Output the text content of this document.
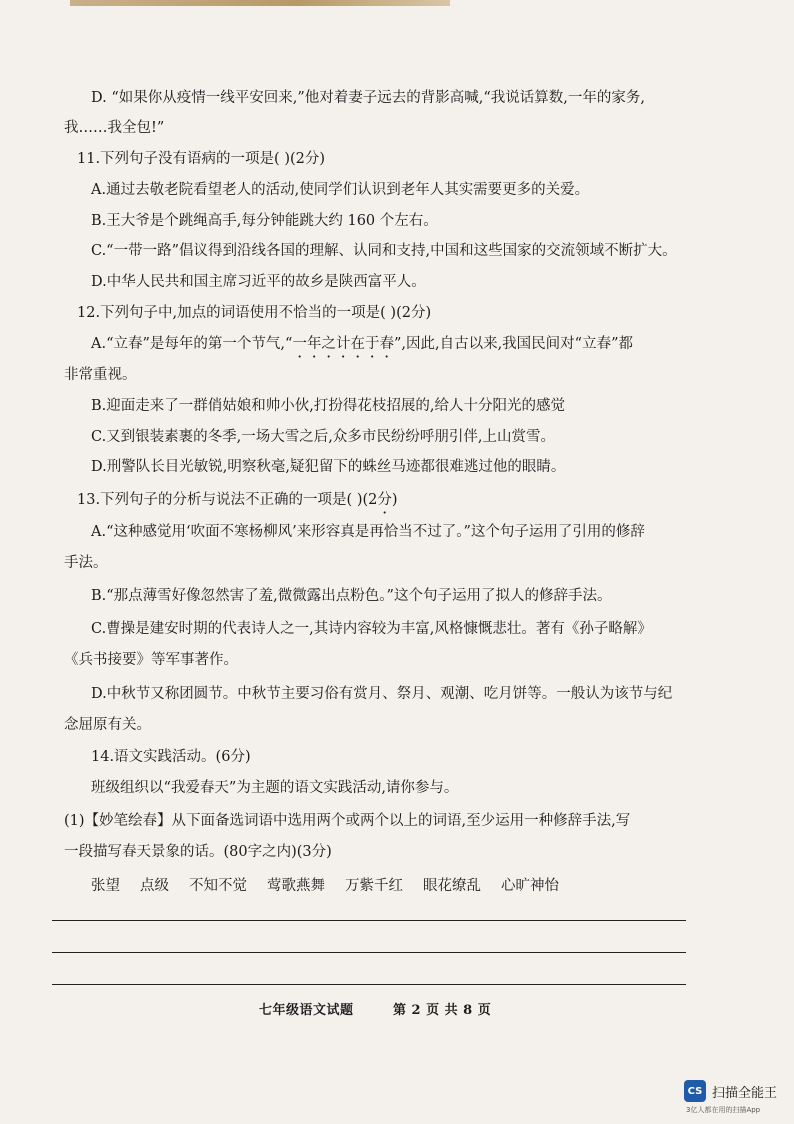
D. “如果你从疫情一线平安回来,”他对着妻子远去的背影高喊,“我说话算数,一年的家务,
我……我全包!”
11.下列句子没有语病的一项是( )(2分)
A.通过去敬老院看望老人的活动,使同学们认识到老年人其实需要更多的关爱。
B.王大爷是个跳绳高手,每分钟能跳大约 160 个左右。
C.“一带一路”倡议得到沿线各国的理解、认同和支持,中国和这些国家的交流领域不断扩大。
D.中华人民共和国主席习近平的故乡是陕西富平人。
12.下列句子中,加点的词语使用不恰当的一项是( )(2分)
A.“立春”是每年的第一个节气,“一年之计在于春”,因此,自古以来,我国民间对“立春”都
非常重视。
B.迎面走来了一群俏姑娘和帅小伙,打扮得花枝招展的,给人十分阳光的感觉
C.又到银装素裹的冬季,一场大雪之后,众多市民纷纷呼朋引伴,上山赏雪。
D.刑警队长目光敏锐,明察秋毫,疑犯留下的蛛丝马迹都很难逃过他的眼睛。
13.下列句子的分析与说法不正确的一项是( )(2分)
A.“这种感觉用‘吹面不寒杨柳风’来形容真是再恰当不过了。”这个句子运用了引用的修辞
手法。
B.“那点薄雪好像忽然害了羞,微微露出点粉色。”这个句子运用了拟人的修辞手法。
C.曹操是建安时期的代表诗人之一,其诗内容较为丰富,风格慷慨悲壮。著有《孙子略解》
《兵书接要》等军事著作。
D.中秋节又称团圆节。中秋节主要习俗有赏月、祭月、观潮、吃月饼等。一般认为该节与纪
念屈原有关。
14.语文实践活动。(6分)
班级组织以“我爱春天”为主题的语文实践活动,请你参与。
(1)【妙笔绘春】从下面备选词语中选用两个或两个以上的词语,至少运用一种修辞手法,写
一段描写春天景象的话。(80字之内)(3分)
张望 点级 不知不觉 莺歌燕舞 万紫千红 眼花缭乱 心旷神怡
七年级语文试题	第 2 页 共 8 页
CS 扫描全能王
3亿人都在用的扫描App
